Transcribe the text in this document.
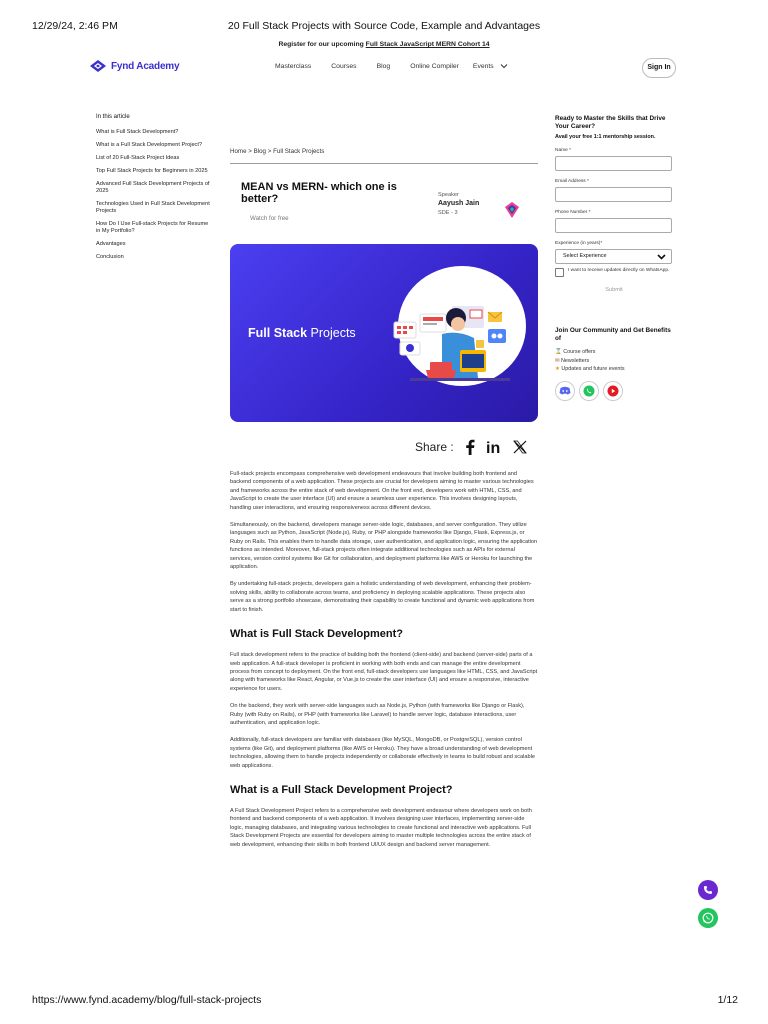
12/29/24, 2:46 PM	20 Full Stack Projects with Source Code, Example and Advantages
Register for our upcoming Full Stack JavaScript MERN Cohort 14
Fynd Academy	Masterclass	Courses	Blog	Online Compiler Events	Sign In
In this article
What is Full Stack Development?
What is a Full Stack Development Project?
List of 20 Full-Stack Project Ideas
Top Full Stack Projects for Beginners in 2025
Advanced Full Stack Development Projects of 2025
Technologies Used in Full Stack Development Projects
How Do I Use Full-stack Projects for Resume in My Portfolio?
Advantages
Conclusion
Home > Blog > Full Stack Projects
MEAN vs MERN- which one is better?
Watch for free
Speaker
Aayush Jain
SDE - 3
Full Stack Projects
Share : in

Full-stack projects encompass comprehensive web development endeavours that involve building both frontend and backend components of a web application. These projects are crucial for developers aiming to master various technologies and frameworks across the entire stack of web development. On the front end, developers work with HTML, CSS, and JavaScript to create the user interface (UI) and ensure a seamless user experience. This involves designing layouts, handling user interactions, and ensuring responsiveness across different devices.

Simultaneously, on the backend, developers manage server-side logic, databases, and server configuration. They utilize languages such as Python, JavaScript (Node.js), Ruby, or PHP alongside frameworks like Django, Flask, Express.js, or Ruby on Rails. This enables them to handle data storage, user authentication, and application logic, ensuring the application functions as intended. Moreover, full-stack projects often integrate additional technologies such as APIs for external services, version control systems like Git for collaboration, and deployment platforms like AWS or Heroku for launching the application.

By undertaking full-stack projects, developers gain a holistic understanding of web development, enhancing their problem-solving skills, ability to collaborate across teams, and proficiency in deploying scalable applications. These projects also serve as a strong portfolio showcase, demonstrating their capability to create functional and dynamic web applications from start to finish.

What is Full Stack Development?

Full stack development refers to the practice of building both the frontend (client-side) and backend (server-side) parts of a web application. A full-stack developer is proficient in working with both ends and can manage the entire development process from concept to deployment. On the front end, full-stack developers use languages like HTML, CSS, and JavaScript along with frameworks like React, Angular, or Vue.js to create the user interface (UI) and ensure a responsive, interactive experience for users.

On the backend, they work with server-side languages such as Node.js, Python (with frameworks like Django or Flask), Ruby (with Ruby on Rails), or PHP (with frameworks like Laravel) to handle server logic, database interactions, user authentication, and application logic.

Additionally, full-stack developers are familiar with databases (like MySQL, MongoDB, or PostgreSQL), version control systems (like Git), and deployment platforms (like AWS or Heroku). They have a broad understanding of web development technologies, allowing them to handle projects independently or collaborate effectively in teams to build robust and scalable web applications.

What is a Full Stack Development Project?

A Full Stack Development Project refers to a comprehensive web development endeavour where developers work on both frontend and backend components of a web application. It involves designing user interfaces, implementing server-side logic, managing databases, and integrating various technologies to create functional and interactive web applications. Full Stack Development Projects are essential for developers aiming to master multiple technologies across the entire stack of web development, enhancing their skills in both frontend UI/UX design and backend server management.

Ready to Master the Skills that Drive Your Career?
Avail your free 1:1 mentorship session.
Name *
Email Address *
Phone Number *
Experience (in years)*
Select Experience
I want to receive updates directly on WhatsApp.
Submit
Join Our Community and Get Benefits of
⌛ Course offers
✉ Newsletters
★ Updates and future events
https://www.fynd.academy/blog/full-stack-projects	1/12
